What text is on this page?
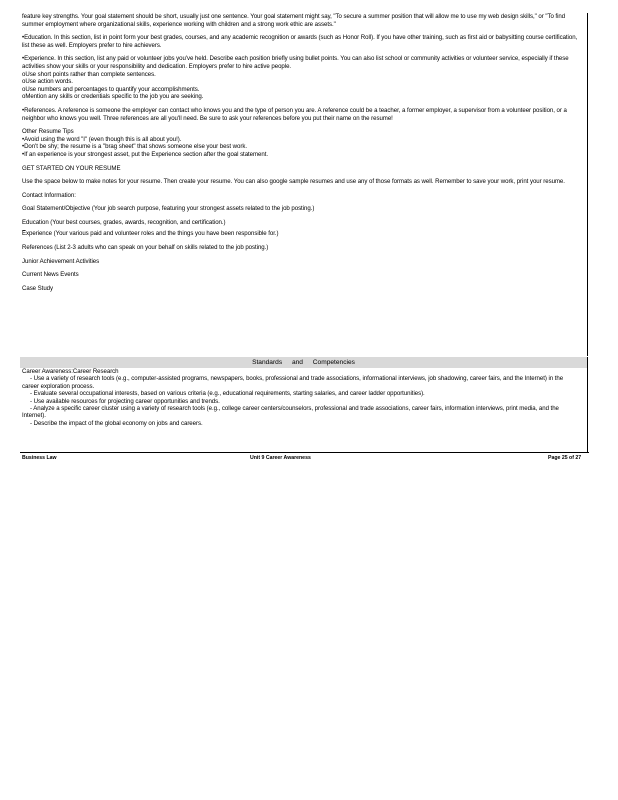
feature key strengths. Your goal statement should be short, usually just one sentence. Your goal statement might say, "To secure a summer position that will allow me to use my web design skills," or "To find summer employment where organizational skills, experience working with children and a strong work ethic are assets."

•Education. In this section, list in point form your best grades, courses, and any academic recognition or awards (such as Honor Roll). If you have other training, such as first aid or babysitting course certification, list these as well. Employers prefer to hire achievers.

•Experience. In this section, list any paid or volunteer jobs you've held. Describe each position briefly using bullet points. You can also list school or community activities or volunteer service, especially if these activities show your skills or your responsibility and dedication. Employers prefer to hire active people.

oUse short points rather than complete sentences.

oUse action words.

oUse numbers and percentages to quantify your accomplishments.

oMention any skills or credentials specific to the job you are seeking.

•References. A reference is someone the employer can contact who knows you and the type of person you are. A reference could be a teacher, a former employer, a supervisor from a volunteer position, or a neighbor who knows you well. Three references are all you'll need. Be sure to ask your references before you put their name on the resume!

Other Resume Tips

•Avoid using the word "I" (even though this is all about you!).

•Don't be shy; the resume is a "brag sheet" that shows someone else your best work.

•If an experience is your strongest asset, put the Experience section after the goal statement.

GET STARTED ON YOUR RESUME

Use the space below to make notes for your resume. Then create your resume. You can also google sample resumes and use any of those formats as well. Remember to save your work, print your resume.

Contact Information:

Goal Statement/Objective (Your job search purpose, featuring your strongest assets related to the job posting.)

Education (Your best courses, grades, awards, recognition, and certification.)

_

Experience (Your various paid and volunteer roles and the things you have been responsible for.)

References (List 2-3 adults who can speak on your behalf on skills related to the job posting.)

Junior Achievement Activities

Current News Events

Case Study

Standards and Competencies

Career Awareness:Career Research

- Use a variety of research tools (e.g., computer-assisted programs, newspapers, books, professional and trade associations, informational interviews, job shadowing, career fairs, and the Internet) in the career exploration process.

- Evaluate several occupational interests, based on various criteria (e.g., educational requirements, starting salaries, and career ladder opportunities).

- Use available resources for projecting career opportunities and trends.

- Analyze a specific career cluster using a variety of research tools (e.g., college career centers/counselors, professional and trade associations, career fairs, information interviews, print media, and the Internet).

- Describe the impact of the global economy on jobs and careers.

Business Law	Unit 9 Career Awareness	Page 25 of 27
